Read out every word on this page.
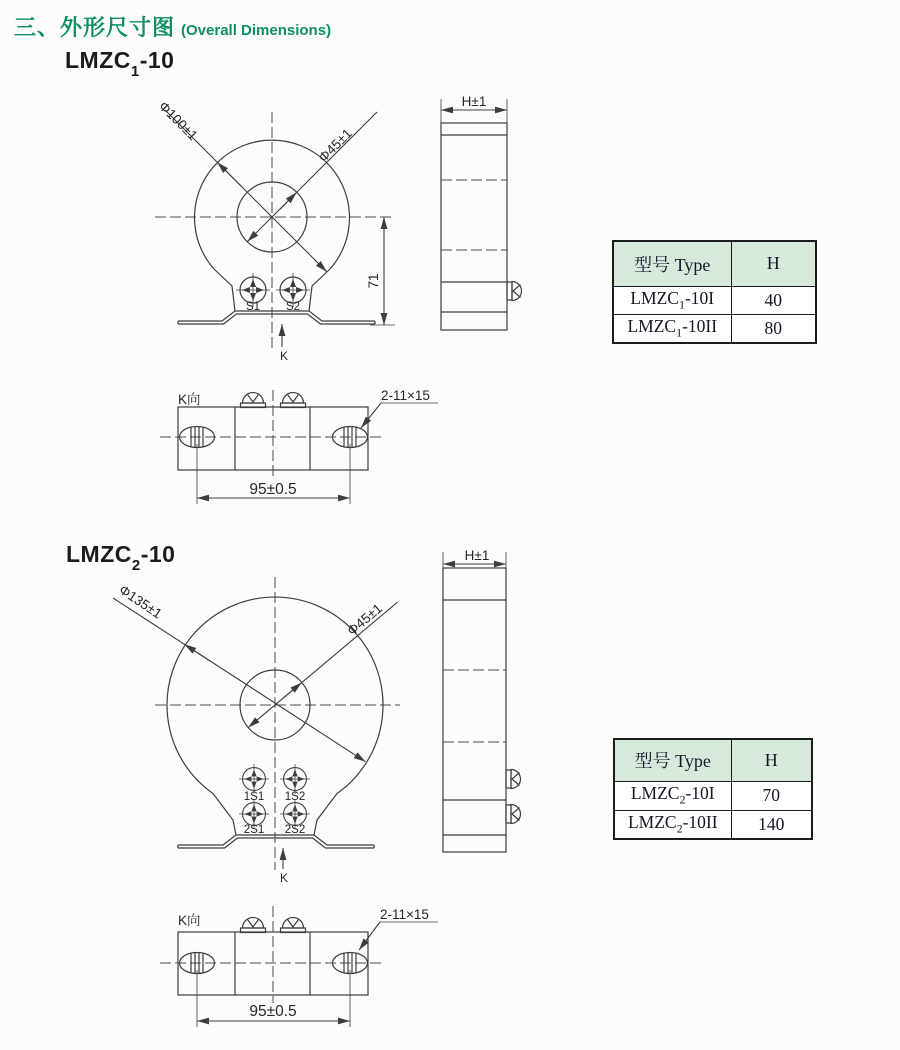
三、外形尺寸图 (Overall Dimensions)
$LMZC_1-10$
$LMZC_2-10$
S1 S2
Φ100±1
Φ45±1
71
K
H±1
K向	2-11×15
95±0.5
1S1 1S2
2S1 2S2
Φ135±1	Φ45±1
K
H±1
K向	2-11×15
95±0.5
型号 Type	H
$LMZC_1-10I$	40
$LMZC_1-10II$	80
型号 Type	H
$LMZC_2-10I$	70
$LMZC_2-10II$	140
